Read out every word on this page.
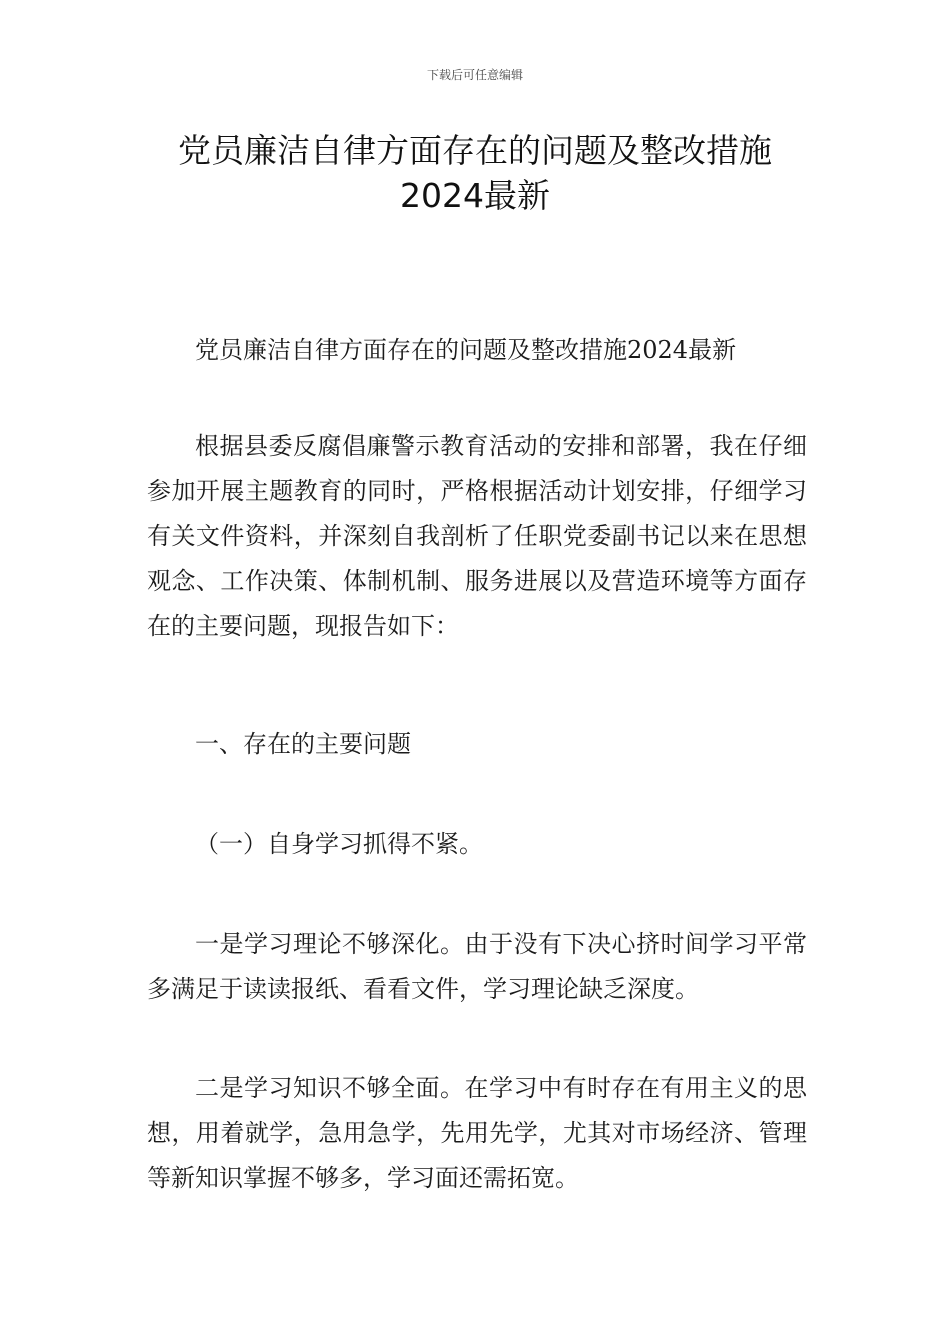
下载后可任意编辑
党员廉洁自律方面存在的问题及整改措施
2024最新

党员廉洁自律方面存在的问题及整改措施2024最新

根据县委反腐倡廉警示教育活动的安排和部署，我在仔细参加开展主题教育的同时，严格根据活动计划安排，仔细学习有关文件资料，并深刻自我剖析了任职党委副书记以来在思想观念、工作决策、体制机制、服务进展以及营造环境等方面存在的主要问题，现报告如下：

一、存在的主要问题

（一）自身学习抓得不紧。

一是学习理论不够深化。由于没有下决心挤时间学习平常多满足于读读报纸、看看文件，学习理论缺乏深度。

二是学习知识不够全面。在学习中有时存在有用主义的思想，用着就学，急用急学，先用先学，尤其对市场经济、管理等新知识掌握不够多，学习面还需拓宽。
